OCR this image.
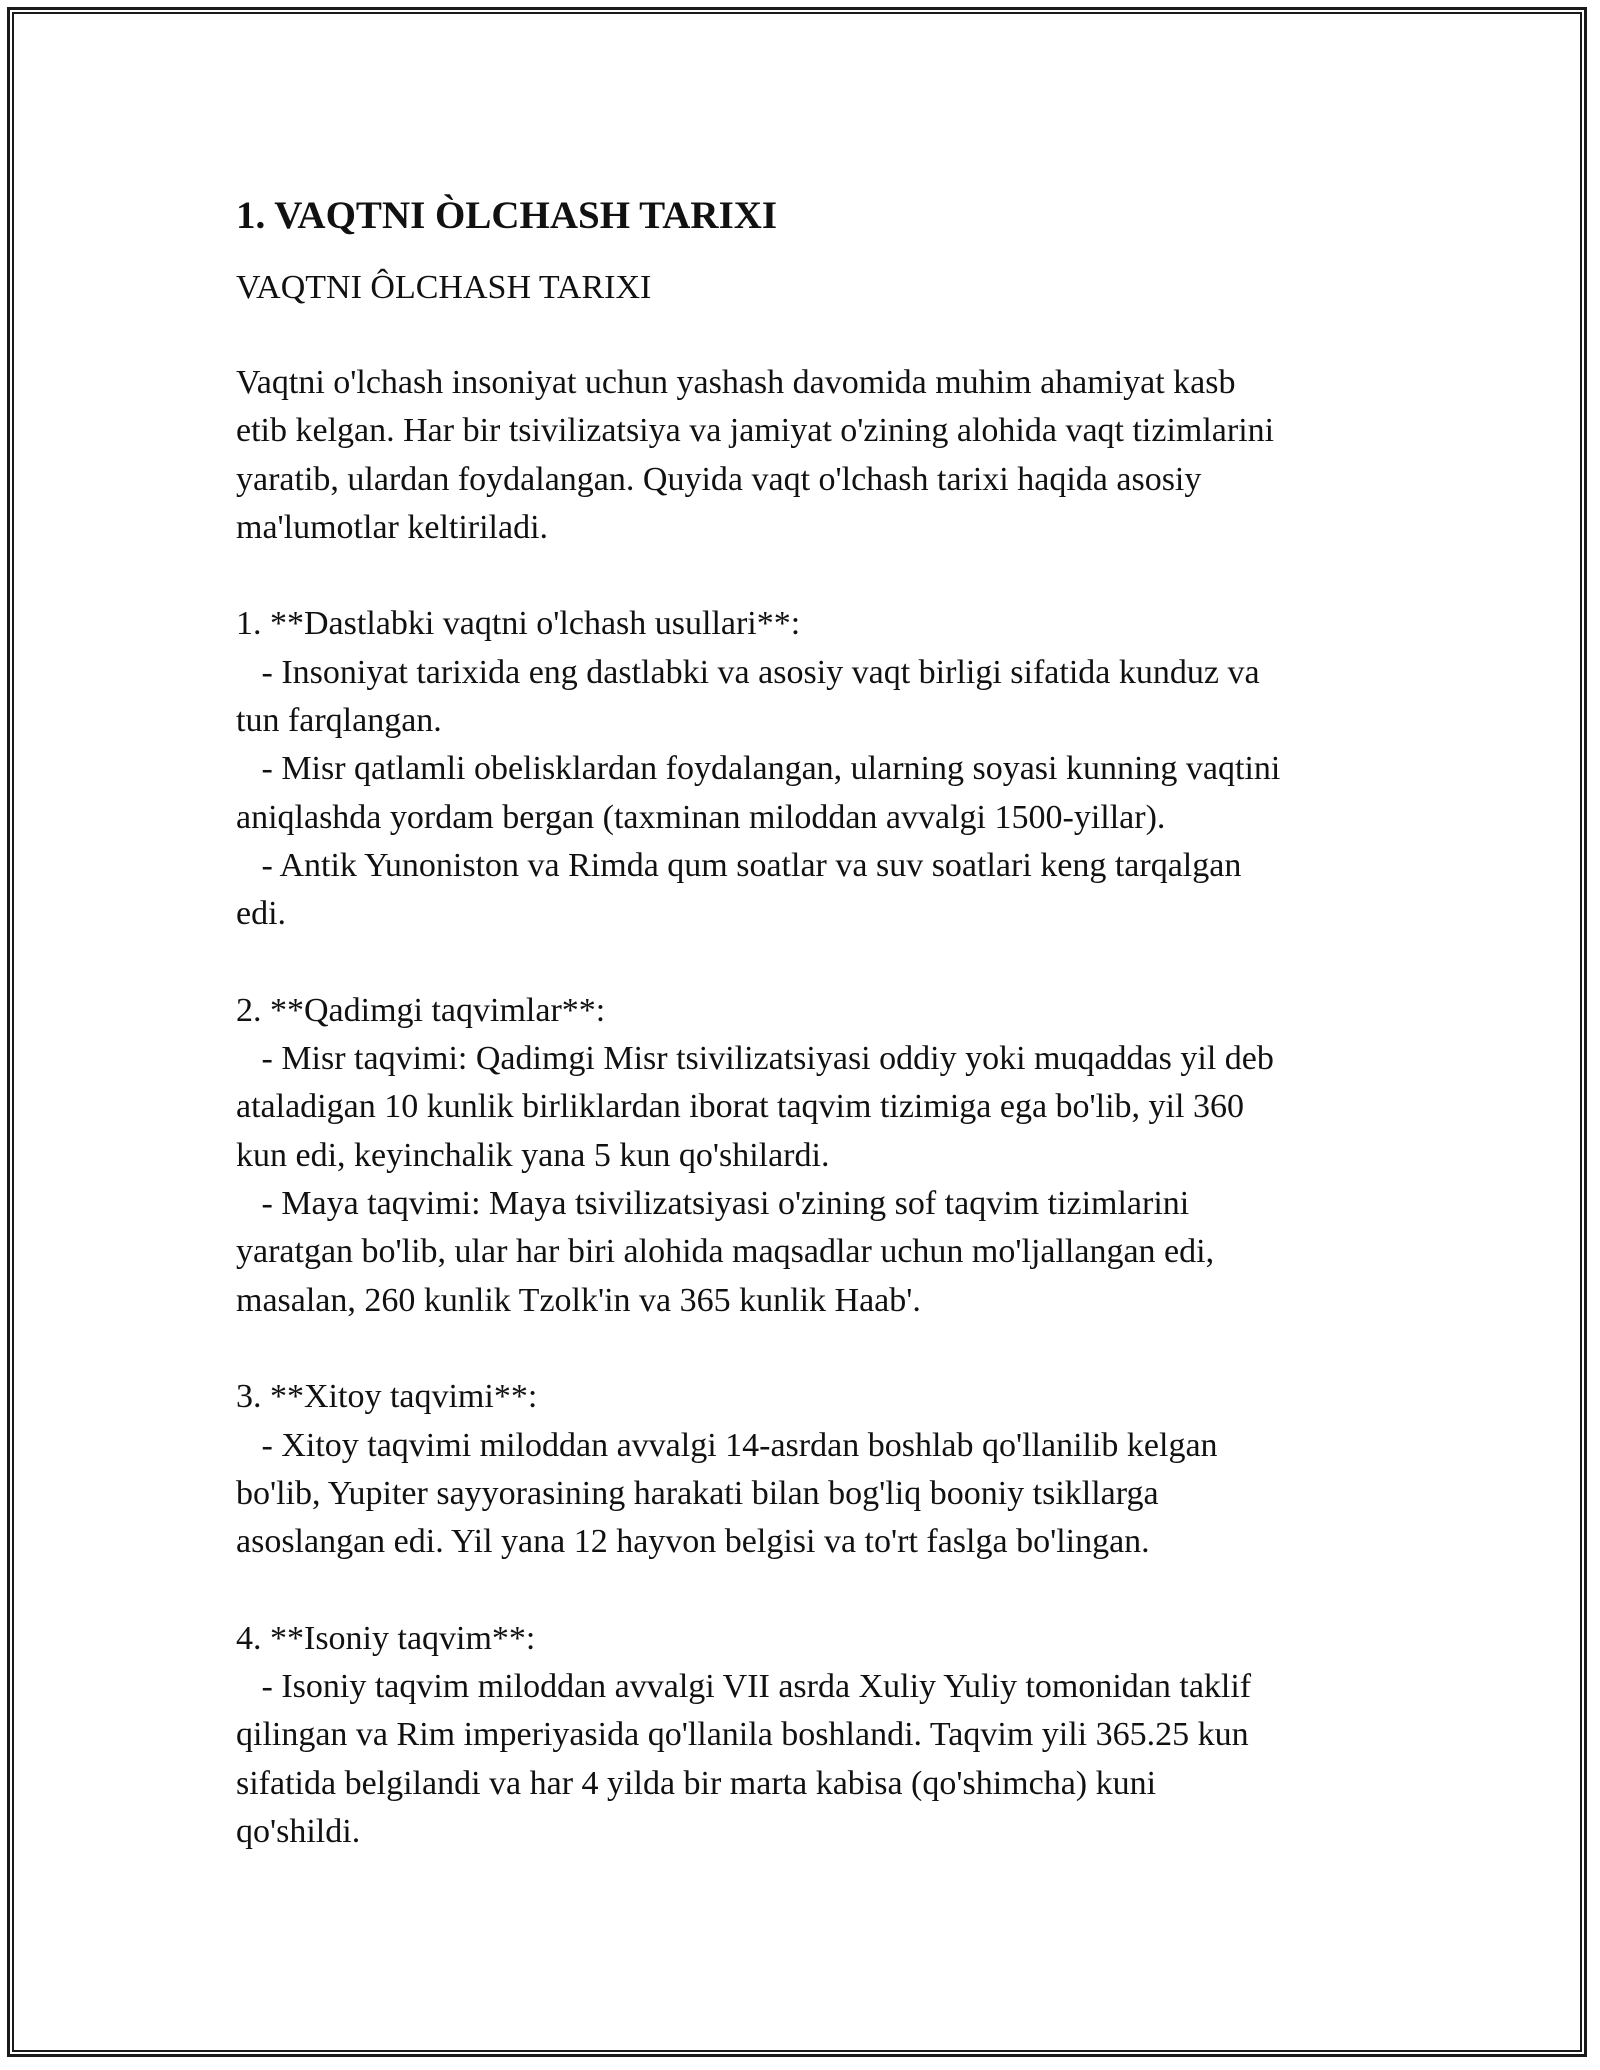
1. VAQTNI ÒLCHASH TARIXI
VAQTNI ÔLCHASH TARIXI
Vaqtni o'lchash insoniyat uchun yashash davomida muhim ahamiyat kasb
etib kelgan. Har bir tsivilizatsiya va jamiyat o'zining alohida vaqt tizimlarini
yaratib, ulardan foydalangan. Quyida vaqt o'lchash tarixi haqida asosiy
ma'lumotlar keltiriladi.
1. **Dastlabki vaqtni o'lchash usullari**:
- Insoniyat tarixida eng dastlabki va asosiy vaqt birligi sifatida kunduz va
tun farqlangan.
- Misr qatlamli obelisklardan foydalangan, ularning soyasi kunning vaqtini
aniqlashda yordam bergan (taxminan miloddan avvalgi 1500-yillar).
- Antik Yunoniston va Rimda qum soatlar va suv soatlari keng tarqalgan
edi.
2. **Qadimgi taqvimlar**:
- Misr taqvimi: Qadimgi Misr tsivilizatsiyasi oddiy yoki muqaddas yil deb
ataladigan 10 kunlik birliklardan iborat taqvim tizimiga ega bo'lib, yil 360
kun edi, keyinchalik yana 5 kun qo'shilardi.
- Maya taqvimi: Maya tsivilizatsiyasi o'zining sof taqvim tizimlarini
yaratgan bo'lib, ular har biri alohida maqsadlar uchun mo'ljallangan edi,
masalan, 260 kunlik Tzolk'in va 365 kunlik Haab'.
3. **Xitoy taqvimi**:
- Xitoy taqvimi miloddan avvalgi 14-asrdan boshlab qo'llanilib kelgan
bo'lib, Yupiter sayyorasining harakati bilan bog'liq booniy tsikllarga
asoslangan edi. Yil yana 12 hayvon belgisi va to'rt faslga bo'lingan.
4. **Isoniy taqvim**:
- Isoniy taqvim miloddan avvalgi VII asrda Xuliy Yuliy tomonidan taklif
qilingan va Rim imperiyasida qo'llanila boshlandi. Taqvim yili 365.25 kun
sifatida belgilandi va har 4 yilda bir marta kabisa (qo'shimcha) kuni
qo'shildi.
